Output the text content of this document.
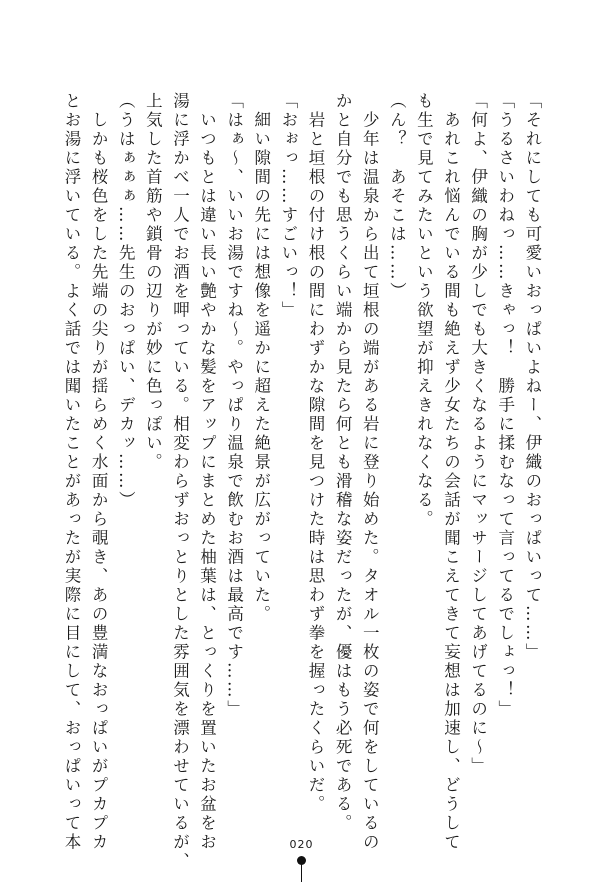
「それにしても可愛いおっぱいよねー、伊織のおっぱいって……」
「うるさいわねっ……きゃっ！　勝手に揉むなって言ってるでしょっ！」
「何よ、伊織の胸が少しでも大きくなるようにマッサージしてあげてるのに～」
　あれこれ悩んでいる間も絶えず少女たちの会話が聞こえてきて妄想は加速し、どうして
も生で見てみたいという欲望が抑えきれなくなる。
（ん？　あそこは……）
　少年は温泉から出て垣根の端がある岩に登り始めた。タオル一枚の姿で何をしているの
かと自分でも思うくらい端から見たら何とも滑稽な姿だったが、優はもう必死である。
　岩と垣根の付け根の間にわずかな隙間を見つけた時は思わず拳を握ったくらいだ。
「おぉっ……すごいっ！」
　細い隙間の先には想像を遥かに超えた絶景が広がっていた。
「はぁ～、いいお湯ですね～。やっぱり温泉で飲むお酒は最高です……」
　いつもとは違い長い艶やかな髪をアップにまとめた柚葉は、とっくりを置いたお盆をお
湯に浮かべ一人でお酒を呷っている。相変わらずおっとりとした雰囲気を漂わせているが、
上気した首筋や鎖骨の辺りが妙に色っぽい。
（うはぁぁぁ……先生のおっぱい、デカッ……）
　しかも桜色をした先端の尖りが揺らめく水面から覗き、あの豊満なおっぱいがプカプカ
とお湯に浮いている。よく話では聞いたことがあったが実際に目にして、おっぱいって本	020
